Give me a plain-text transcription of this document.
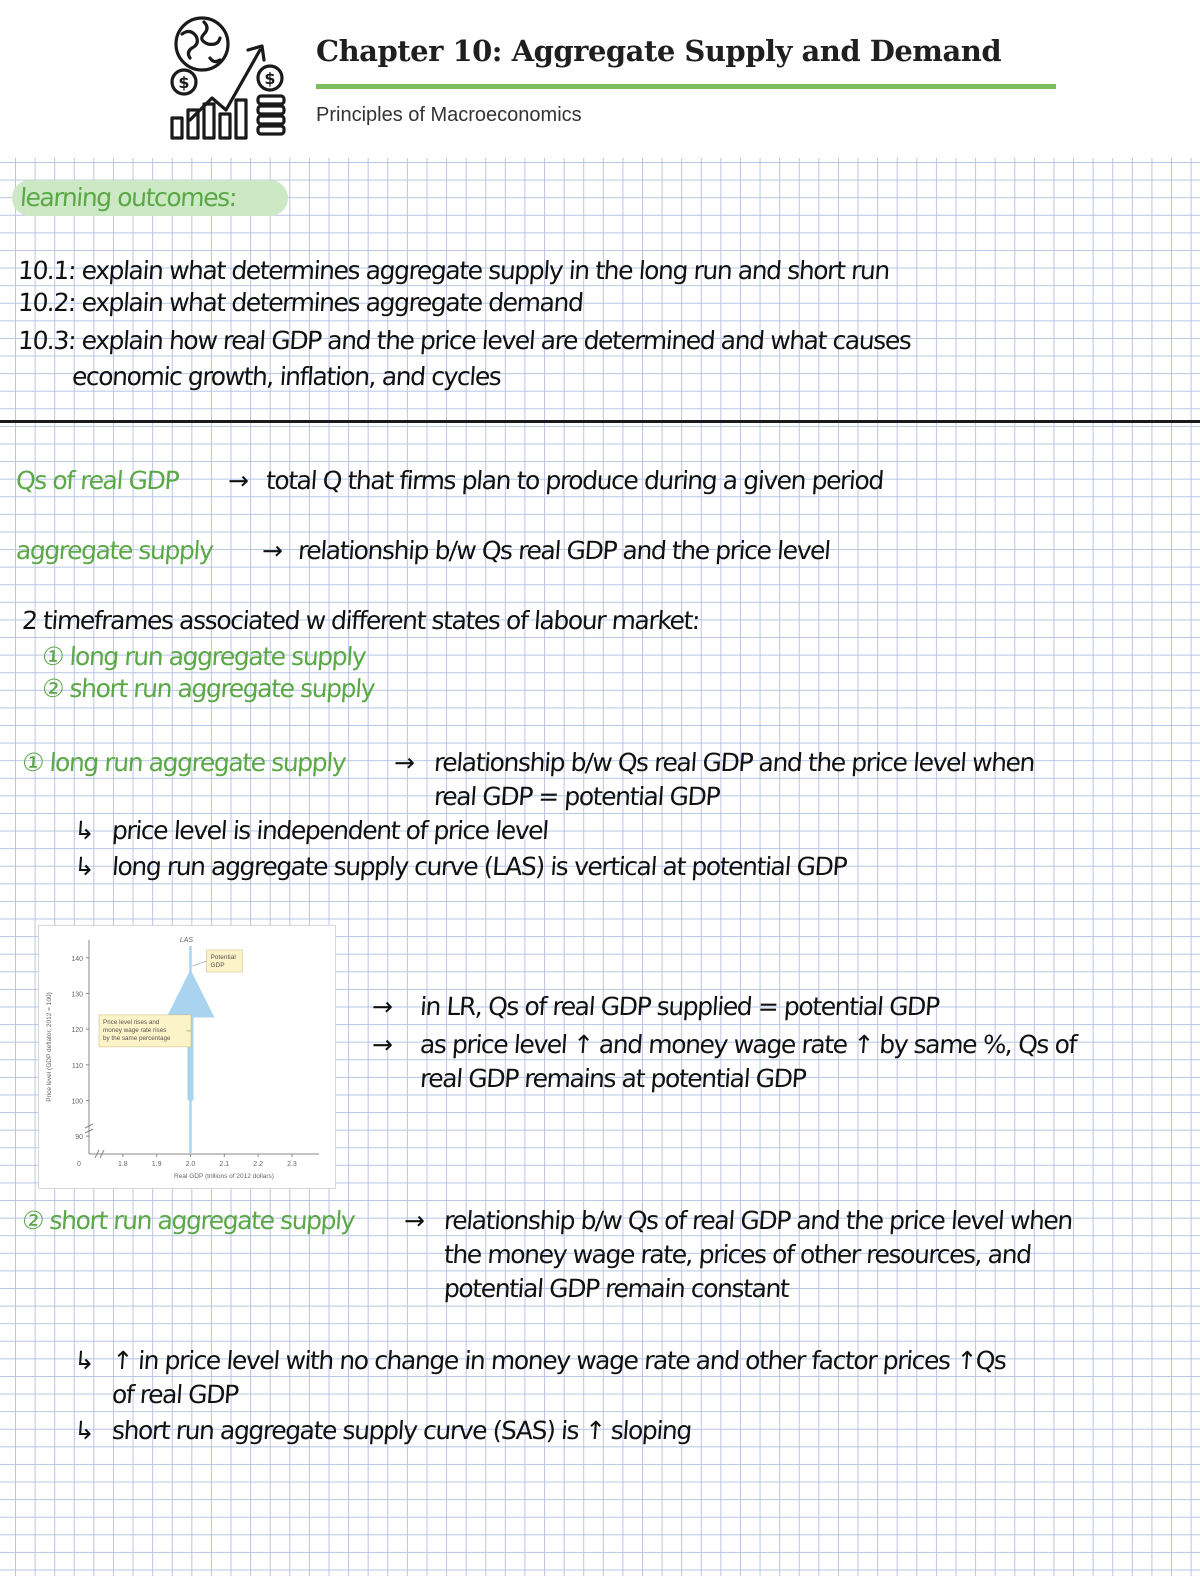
$	$
Chapter 10: Aggregate Supply and Demand
Principles of Macroeconomics

learning outcomes:

10.1: explain what determines aggregate supply in the long run and short run

10.2: explain what determines aggregate demand

10.3: explain how real GDP and the price level are determined and what causes

economic growth, inflation, and cycles

Qs of real GDP → total Q that firms plan to produce during a given period

aggregate supply → relationship b/w Qs real GDP and the price level

2 timeframes associated w different states of labour market:

① long run aggregate supply

② short run aggregate supply

① long run aggregate supply → relationship b/w Qs real GDP and the price level when

real GDP = potential GDP

↳ price level is independent of price level

↳ long run aggregate supply curve (LAS) is vertical at potential GDP

90
100
110
120
130
140
1.8	1.9	2.0	2.1	2.2	2.3
0
Real GDP (trillions of 2012 dollars)
Price level (GDP deflator, 2012 = 100)
LAS
Potential
GDP
Price level rises and
money wage rate rises
by the same percentage

→ in LR, Qs of real GDP supplied = potential GDP

→ as price level ↑ and money wage rate ↑ by same %, Qs of

real GDP remains at potential GDP

② short run aggregate supply → relationship b/w Qs of real GDP and the price level when

the money wage rate, prices of other resources, and

potential GDP remain constant

↳ ↑ in price level with no change in money wage rate and other factor prices ↑Qs

of real GDP

↳ short run aggregate supply curve (SAS) is ↑ sloping
